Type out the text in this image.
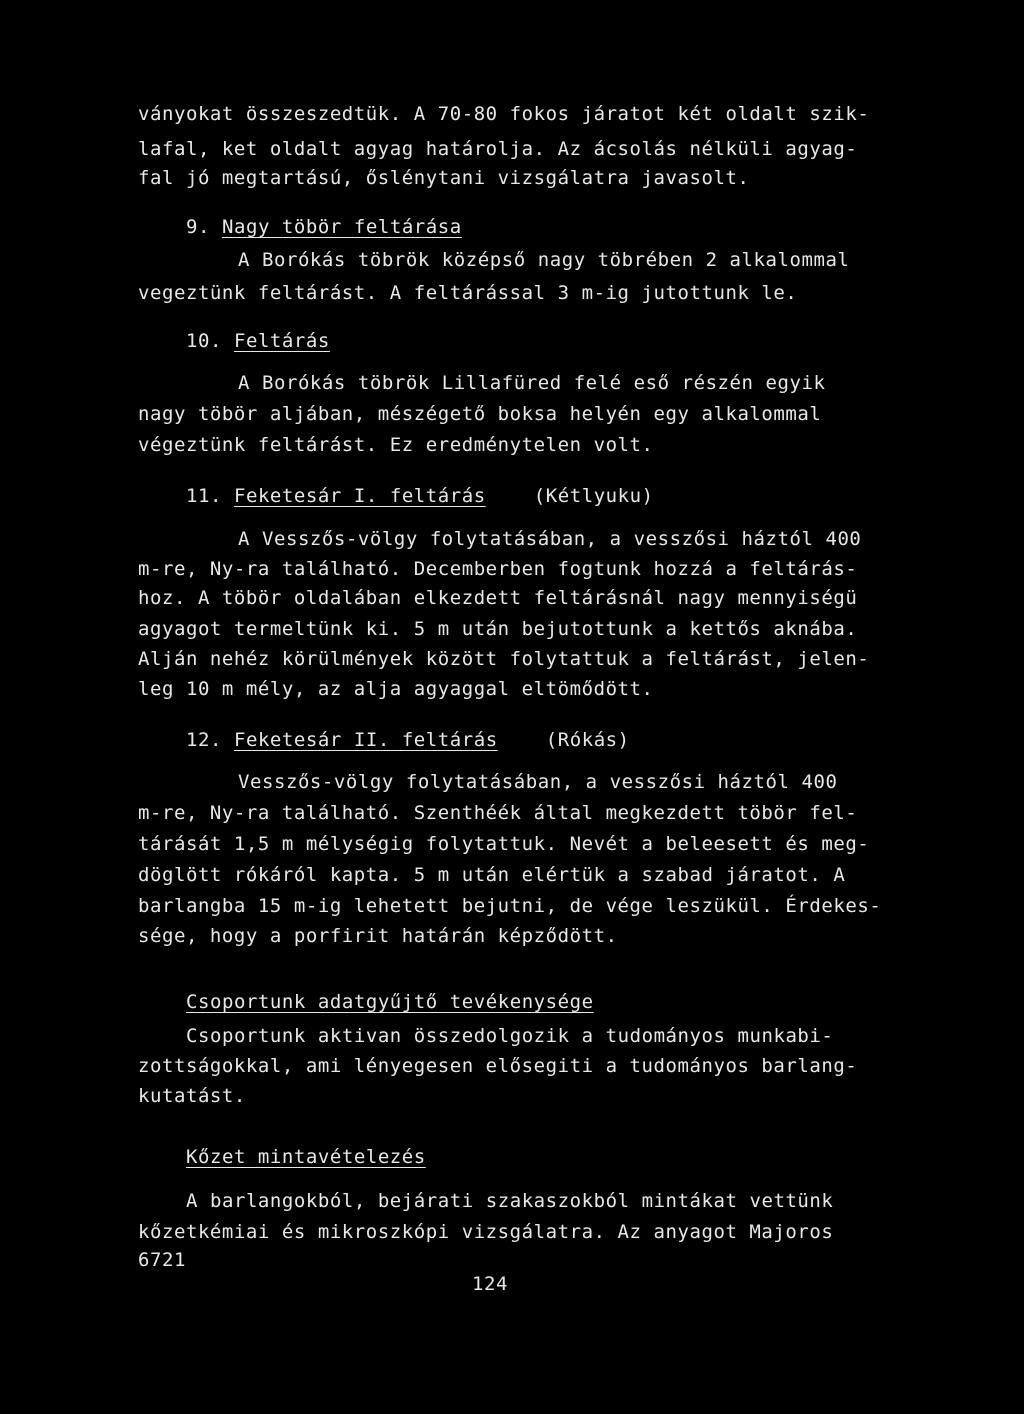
ványokat összeszedtük. A 70-80 fokos járatot két oldalt szik-
lafal, ket oldalt agyag határolja. Az ácsolás nélküli agyag-
fal jó megtartású, őslénytani vizsgálatra javasolt.
9. Nagy töbör feltárása
A Borókás töbrök középső nagy töbrében 2 alkalommal
vegeztünk feltárást. A feltárással 3 m-ig jutottunk le.
10. Feltárás
A Borókás töbrök Lillafüred felé eső részén egyik
nagy töbör aljában, mészégető boksa helyén egy alkalommal
végeztünk feltárást. Ez eredménytelen volt.
11. Feketesár I. feltárás	(Kétlyuku)
A Vesszős-völgy folytatásában, a vesszősi háztól 400
m-re, Ny-ra található. Decemberben fogtunk hozzá a feltárás-
hoz. A töbör oldalában elkezdett feltárásnál nagy mennyiségü
agyagot termeltünk ki. 5 m után bejutottunk a kettős aknába.
Alján nehéz körülmények között folytattuk a feltárást, jelen-
leg 10 m mély, az alja agyaggal eltömődött.
12. Feketesár II. feltárás	(Rókás)
Vesszős-völgy folytatásában, a vesszősi háztól 400
m-re, Ny-ra található. Szenthéék által megkezdett töbör fel-
tárását 1,5 m mélységig folytattuk. Nevét a beleesett és meg-
döglött rókáról kapta. 5 m után elértük a szabad járatot. A
barlangba 15 m-ig lehetett bejutni, de vége leszükül. Érdekes-
sége, hogy a porfirit határán képződött.
Csoportunk adatgyűjtő tevékenysége
Csoportunk aktivan összedolgozik a tudományos munkabi-
zottságokkal, ami lényegesen elősegiti a tudományos barlang-
kutatást.
Kőzet mintavételezés
A barlangokból, bejárati szakaszokból mintákat vettünk
kőzetkémiai és mikroszkópi vizsgálatra. Az anyagot Majoros
6721
124
